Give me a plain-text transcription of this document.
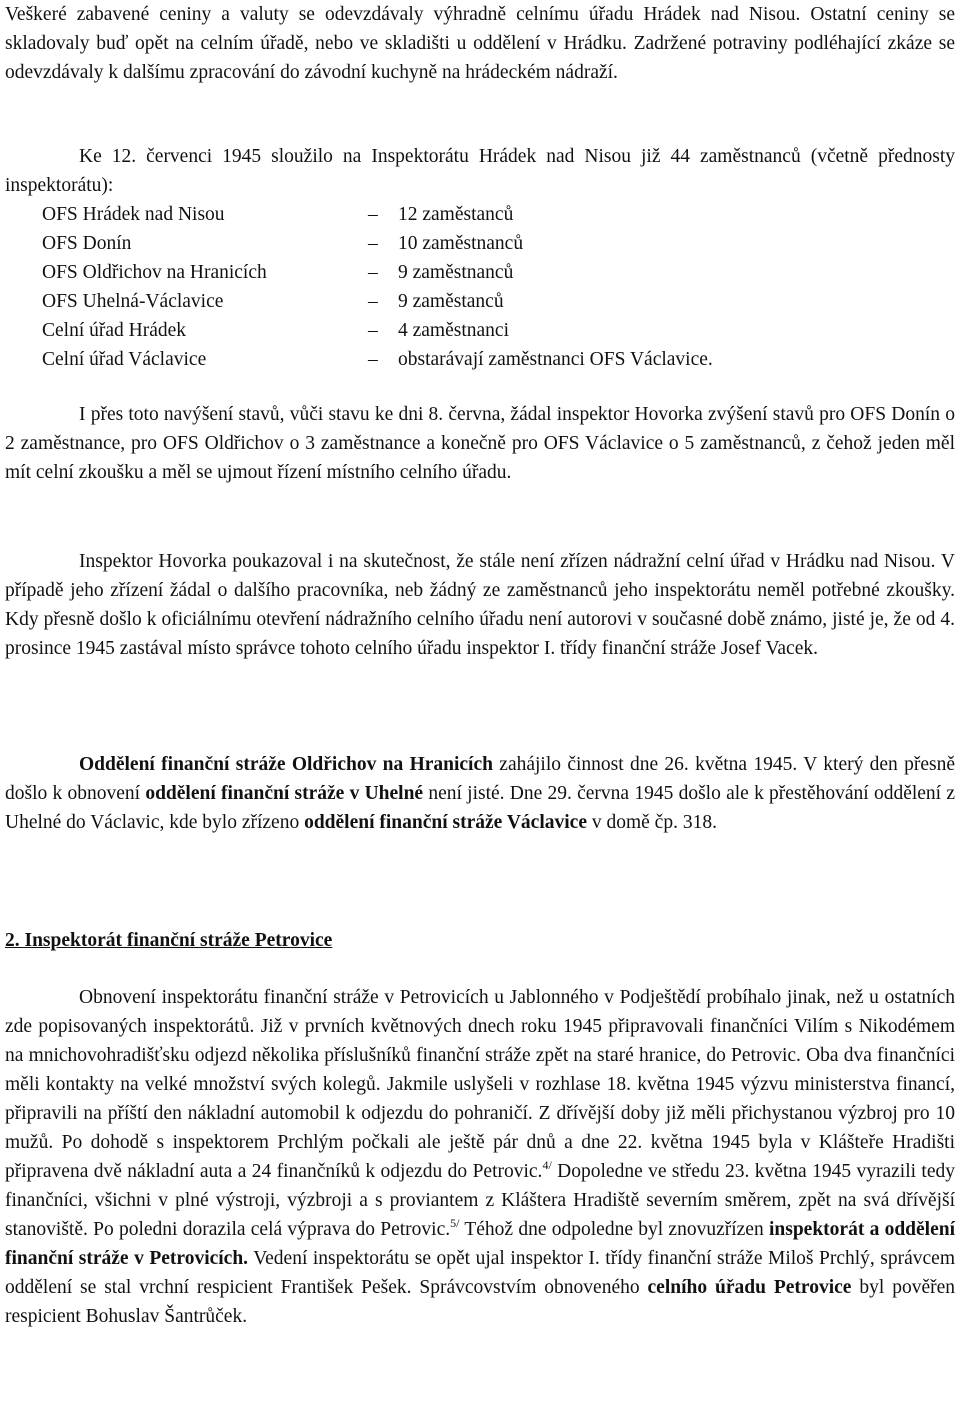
Veškeré zabavené ceniny a valuty se odevzdávaly výhradně celnímu úřadu Hrádek nad Nisou. Ostatní ceniny se skladovaly buď opět na celním úřadě, nebo ve skladišti u oddělení v Hrádku. Zadržené potraviny podléhající zkáze se odevzdávaly k dalšímu zpracování do závodní kuchyně na hrádeckém nádraží.

Ke 12. červenci 1945 sloužilo na Inspektorátu Hrádek nad Nisou již 44 zaměstnanců (včetně přednosty inspektorátu):

OFS Hrádek nad Nisou	–	12 zaměstanců
OFS Donín	–	10 zaměstnanců
OFS Oldřichov na Hranicích	–	9 zaměstnanců
OFS Uhelná-Václavice	–	9 zaměstanců
Celní úřad Hrádek	–	4 zaměstnanci
Celní úřad Václavice	–	obstarávají zaměstnanci OFS Václavice.

I přes toto navýšení stavů, vůči stavu ke dni 8. června, žádal inspektor Hovorka zvýšení stavů pro OFS Donín o 2 zaměstnance, pro OFS Oldřichov o 3 zaměstnance a konečně pro OFS Václavice o 5 zaměstnanců, z čehož jeden měl mít celní zkoušku a měl se ujmout řízení místního celního úřadu.

Inspektor Hovorka poukazoval i na skutečnost, že stále není zřízen nádražní celní úřad v Hrádku nad Nisou. V případě jeho zřízení žádal o dalšího pracovníka, neb žádný ze zaměstnanců jeho inspektorátu neměl potřebné zkoušky. Kdy přesně došlo k oficiálnímu otevření nádražního celního úřadu není autorovi v současné době známo, jisté je, že od 4. prosince 1945 zastával místo správce tohoto celního úřadu inspektor I. třídy finanční stráže Josef Vacek.

Oddělení finanční stráže Oldřichov na Hranicích zahájilo činnost dne 26. května 1945. V který den přesně došlo k obnovení oddělení finanční stráže v Uhelné není jisté. Dne 29. června 1945 došlo ale k přestěhování oddělení z Uhelné do Václavic, kde bylo zřízeno oddělení finanční stráže Václavice v domě čp. 318.

2. Inspektorát finanční stráže Petrovice

Obnovení inspektorátu finanční stráže v Petrovicích u Jablonného v Podještědí probíhalo jinak, než u ostatních zde popisovaných inspektorátů. Již v prvních květnových dnech roku 1945 připravovali finančníci Vilím s Nikodémem na mnichovohradišťsku odjezd několika příslušníků finanční stráže zpět na staré hranice, do Petrovic. Oba dva finančníci měli kontakty na velké množství svých kolegů. Jakmile uslyšeli v rozhlase 18. května 1945 výzvu ministerstva financí, připravili na příští den nákladní automobil k odjezdu do pohraničí. Z dřívější doby již měli přichystanou výzbroj pro 10 mužů. Po dohodě s inspektorem Prchlým počkali ale ještě pár dnů a dne 22. května 1945 byla v Klášteře Hradišti připravena dvě nákladní auta a 24 finančníků k odjezdu do Petrovic.$^{4/}$ Dopoledne ve středu 23. května 1945 vyrazili tedy finančníci, všichni v plné výstroji, výzbroji a s proviantem z Kláštera Hradiště severním směrem, zpět na svá dřívější stanoviště. Po poledni dorazila celá výprava do Petrovic.$^{5/}$ Téhož dne odpoledne byl znovuzřízen inspektorát a oddělení finanční stráže v Petrovicích. Vedení inspektorátu se opět ujal inspektor I. třídy finanční stráže Miloš Prchlý, správcem oddělení se stal vrchní respicient František Pešek. Správcovstvím obnoveného celního úřadu Petrovice byl pověřen respicient Bohuslav Šantrůček.
